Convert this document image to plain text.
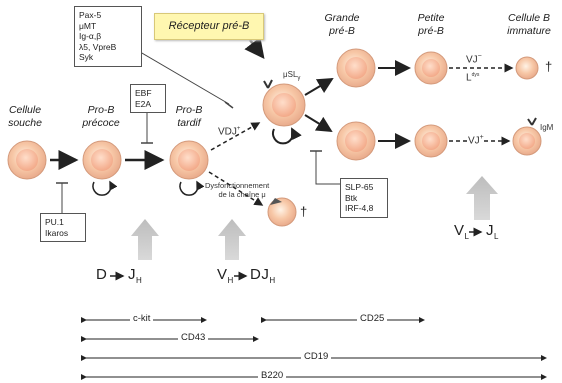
Cellule
souche
Pro-B
précoce
Pro-B
tardif
Grande
pré-B
Petite
pré-B
Cellule B
immature
Récepteur pré-B
Pax-5
μMT
Ig-α,β
λ5, VpreB
Syk
EBF
E2A
PU.1
Ikaros
SLP-65
Btk
IRF-4,8
VDJ+
μSL$_\gamma$
VJ−
$L^{dys}$
VJ+
IgM
Dysfonctionnement
de la chaîne μ
†
†
D $J_H$	$V_H$ $DJ_H$
$V_L$ $J_L$
c-kit
CD43
CD25
CD19
B220
